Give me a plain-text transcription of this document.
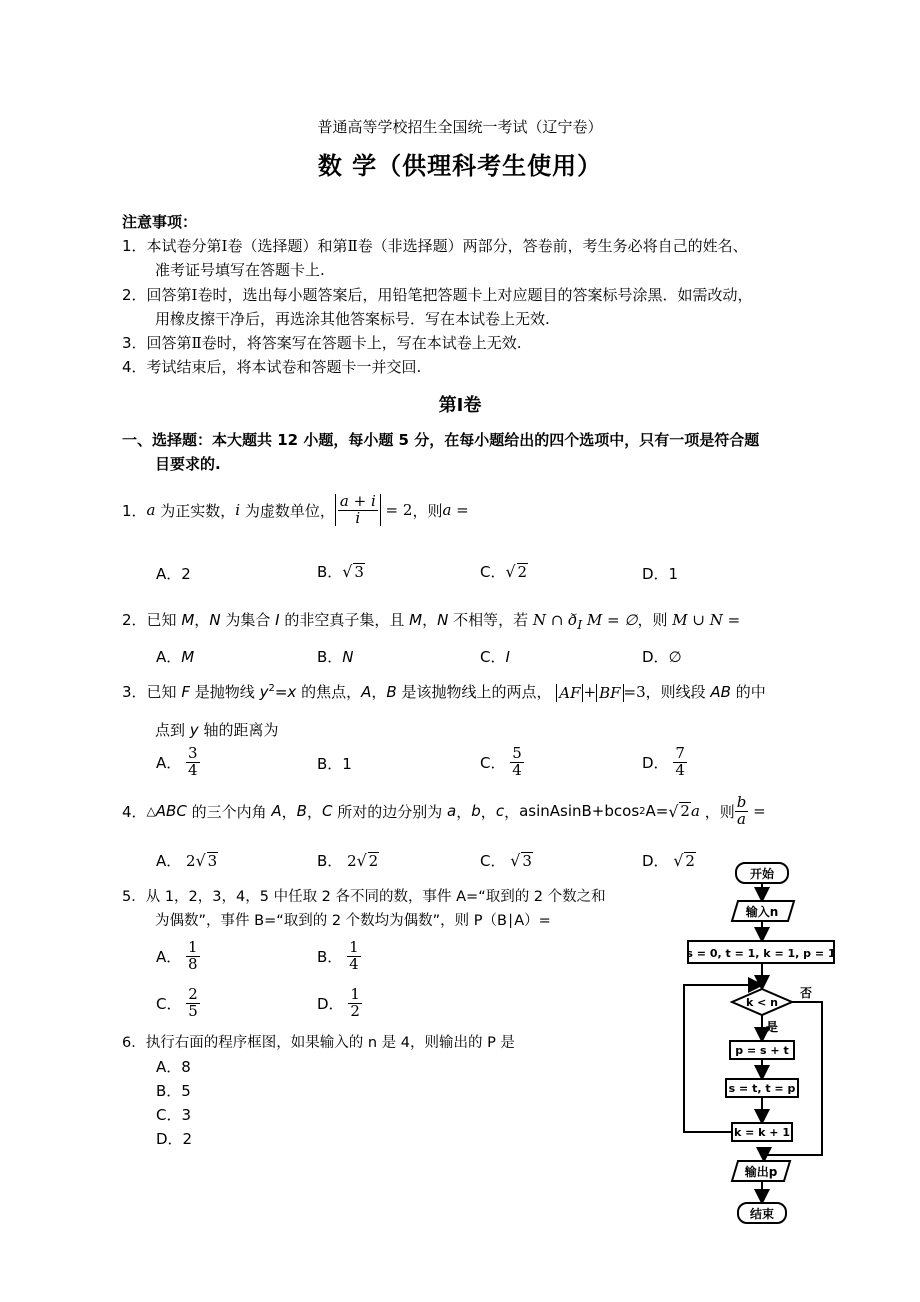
普通高等学校招生全国统一考试（辽宁卷）
数 学（供理科考生使用）
注意事项：
1．本试卷分第Ⅰ卷（选择题）和第Ⅱ卷（非选择题）两部分，答卷前，考生务必将自己的姓名、
准考证号填写在答题卡上.
2．回答第Ⅰ卷时，选出每小题答案后，用铅笔把答题卡上对应题目的答案标号涂黑．如需改动，
用橡皮擦干净后，再选涂其他答案标号．写在本试卷上无效.
3．回答第Ⅱ卷时，将答案写在答题卡上，写在本试卷上无效.
4．考试结束后，将本试卷和答题卡一并交回.
第Ⅰ卷
一、选择题：本大题共 12 小题，每小题 5 分，在每小题给出的四个选项中，只有一项是符合题
目要求的.
1． a
为正实数， i
为虚数单位， $\frac{a + i}{i}$
= 2 ，则 a =
A．2	B．√ 3	C．√ 2	D．1
2．已知 M，N 为集合 I 的非空真子集，且 M，N 不相等，若 N ∩ $ð_I$ M = ∅，则 M ∪ N =
A．M	B．N	C．I	D．∅
3．已知 F 是抛物线 $y^2=x$ 的焦点，A，B 是该抛物线上的两点， AF + BF =3，则线段 AB 的中
点到 y 轴的距离为
A．
$\frac{3}{4}$	B．1	C．
$\frac{5}{4}$	D．
$\frac{7}{4}$
4． △ ABC
的三个内角
A ， B ， C
所对的边分别为
a ， b ， c ， asinAsinB+bcos 2 A= √ 2 a
，则 $\frac{b}{a}$
=
A． 2√ 3	B． 2√ 2	C． √ 3	D． √ 2
5．从 1，2，3，4，5 中任取 2 各不同的数，事件 A=“取到的 2 个数之和
为偶数”，事件 B=“取到的 2 个数均为偶数”，则 P（B∣A）=
A．
$\frac{1}{8}$	B．
$\frac{1}{4}$
C．
$\frac{2}{5}$	D．
$\frac{1}{2}$
6．执行右面的程序框图，如果输入的 n 是 4，则输出的 P 是
A．8
B．5
C．3
D．2
开始
输入n
s = 0, t = 1, k = 1, p = 1
k < n
否
是
p = s + t
s = t, t = p
k = k + 1
输出p
结束
